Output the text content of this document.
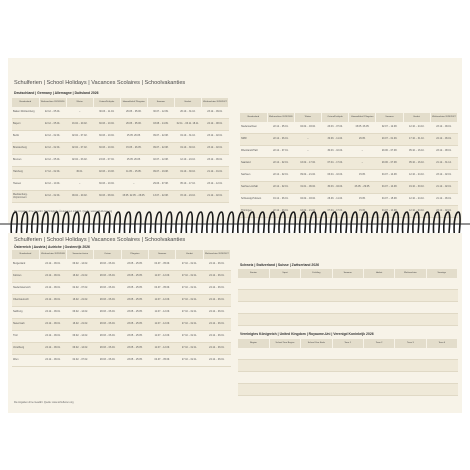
Schulferien | School Holidays | Vacances Scolaires | Schoolvakanties
Deutschland | Germany | Allemagne | Duitsland 2026
Bundesland	Weihnachten 2025/2026	Winter	Ostern/Frühjahr	Himmelfahrt/ Pfingsten	Sommer	Herbst	Weihnachten 2026/2027
Baden-Württemberg	22.12. - 05.01.	–	30.03. - 11.04.	26.05. - 05.06.	30.07. - 12.09.	26.10. - 31.10.	23.12. - 09.01.
Bayern	22.12. - 05.01.	16.02. - 20.02.	30.03. - 10.04.	26.05. - 05.06.	03.08. - 14.09.	02.11. - 06.11. 18.11.	24.12. - 08.01.
Berlin	22.12. - 02.01.	02.02. - 07.02.	30.03. - 10.04.	15.05. 26.05.	09.07. - 22.08.	19.10. - 31.10.	23.12. - 02.01.
Brandenburg	22.12. - 02.01.	02.02. - 07.02.	30.03. - 10.04.	15.05. - 26.05.	09.07. - 22.08.	19.10. - 30.10.	23.12. - 02.01.
Bremen	22.12. - 05.01.	02.02. - 03.02.	23.03. - 07.04.	15.05. 26.05.	02.07. - 12.08.	12.10. - 24.10.	23.12. - 06.01.
Hamburg	17.12. - 02.01.	30.01.	02.03. - 13.03.	11.05. - 15.05.	09.07. - 19.08.	19.10. - 30.10.	21.12. - 01.01.
Hessen	22.12. - 10.01.	–	30.03. - 10.04.	–	29.06. - 07.08.	05.10. - 17.10.	23.12. - 12.01.
Mecklenburg-Vorpommern	22.12. - 02.01.	09.02. - 20.02.	30.03. - 08.04.	15.05. 22.05. - 26.05.	13.07. - 22.08.	15.10. - 24.10.	21.12. - 02.01.
Bundesland	Weihnachten 2025/2026	Winter	Ostern/Frühjahr	Himmelfahrt/ Pfingsten	Sommer	Herbst	Weihnachten 2026/2027
Niedersachsen	22.12. - 05.01.	02.02. - 03.02.	23.03. - 07.04.	15.05. 26.05.	02.07. - 12.08.	12.10. - 24.10.	23.12. - 09.01.
NRW	22.12. - 06.01.	–	30.03. - 11.04.	26.05.	20.07. - 01.09.	17.10. - 31.10.	24.12. - 06.01.
Rheinland-Pfalz	22.12. - 07.01.	–	30.03. - 10.04.	–	29.06. - 07.08.	05.10. - 16.10.	23.12. - 08.01.
Saarland	22.12. - 02.01.	16.02. - 17.02.	07.04. - 17.04.	–	29.06. - 07.08.	05.10. - 16.10.	21.12. - 31.12.
Sachsen	22.12. - 02.01.	09.02. - 21.02.	03.04. - 10.04.	15.05.	04.07. - 14.08.	12.10. - 24.10.	23.12. - 02.01.
Sachsen-Anhalt	22.12. - 02.01.	31.01. - 06.02.	30.03. - 04.04.	26.05. - 29.05.	04.07. - 14.08.	19.10. - 30.10.	21.12. - 02.01.
Schleswig-Holstein	19.12. - 06.01.	02.02. - 03.02.	26.03. - 11.04.	15.05.	04.07. - 15.08.	12.10. - 24.10.	21.12. - 06.01.
Thüringen	22.12. - 03.01.	16.02. - 21.02.	07.04. - 17.04.	15.05.	04.07. - 14.08.	12.10. - 24.10.	23.12. - 02.01.
Die Angaben ohne Gewähr. Nachträgliche Änderungen möglich. Quelle: www.schulferien.org
Schulferien | School Holidays | Vacances Scolaires | Schoolvakanties
Österreich | Austria | Autriche | Oostenrijk 2026
Bundesland	Weihnachten 2025/2026	Semester-ferien	Ostern	Pfingsten	Sommer	Herbst	Weihnachten 2026/2027
Burgenland	24.12. - 06.01.	09.02. - 14.02.	28.03. - 06.04.	23.05. - 25.05.	04.07. - 05.09.	27.10. - 02.11.	24.12. - 06.01.
Kärnten	24.12. - 06.01.	16.02. - 21.02.	28.03. - 06.04.	23.05. - 25.05.	11.07. - 12.09.	27.10. - 02.11.	24.12. - 06.01.
Niederösterreich	24.12. - 06.01.	02.02. - 07.02.	28.03. - 06.04.	23.05. - 25.05.	04.07. - 05.09.	27.10. - 02.11.	24.12. - 06.01.
Oberösterreich	24.12. - 06.01.	16.02. - 21.02.	28.03. - 06.04.	23.05. - 25.05.	11.07. - 12.09.	27.10. - 02.11.	24.12. - 06.01.
Salzburg	24.12. - 06.01.	09.02. - 14.02.	28.03. - 06.04.	23.05. - 25.05.	11.07. - 12.09.	27.10. - 02.11.	24.12. - 06.01.
Steiermark	24.12. - 06.01.	16.02. - 21.02.	28.03. - 06.04.	23.05. - 25.05.	11.07. - 12.09.	27.10. - 02.11.	24.12. - 06.01.
Tirol	24.12. - 06.01.	09.02. - 14.02.	28.03. - 06.04.	23.05. - 25.05.	11.07. - 12.09.	27.10. - 02.11.	24.12. - 06.01.
Vorarlberg	24.12. - 06.01.	09.02. - 14.02.	28.03. - 06.04.	23.05. - 25.05.	11.07. - 12.09.	27.10. - 02.11.	24.12. - 06.01.
Wien	24.12. - 06.01.	02.02. - 07.02.	28.03. - 06.04.	23.05. - 25.05.	04.07. - 05.09.	27.10. - 02.11.	24.12. - 06.01.
Die Angaben ohne Gewähr. Quelle: www.schulferien.org
Schweiz | Switzerland | Suisse | Zwitserland 2026
Kanton	Sport	Frühling	Sommer	Herbst	Weihnachten	Sonstige

Vereinigtes Königreich | United Kingdom | Royaume-Uni | Verenigd Koninkrijk 2026
Region	School Year Begins	School Year Ends	Term 1	Term 2	Term 3	Term 4
